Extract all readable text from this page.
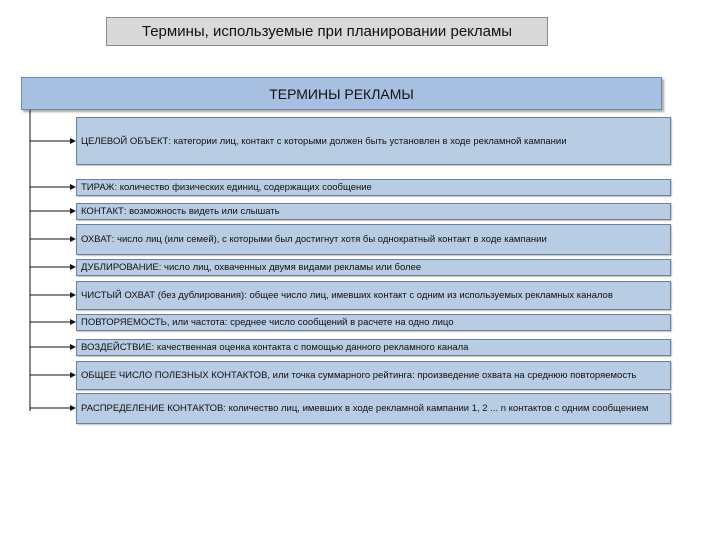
Термины, используемые при планировании рекламы
ТЕРМИНЫ РЕКЛАМЫ
ЦЕЛЕВОЙ ОБЪЕКТ: категории лиц, контакт с которыми должен быть установлен в ходе рекламной кампании
ТИРАЖ: количество физических единиц, содержащих сообщение
КОНТАКТ: возможность видеть или слышать
ОХВАТ: число лиц (или семей), с которыми был достигнут хотя бы однократный контакт в ходе кампании
ДУБЛИРОВАНИЕ: число лиц, охваченных двумя видами рекламы или более
ЧИСТЫЙ ОХВАТ (без дублирования): общее число лиц, имевших контакт с одним из используемых рекламных каналов
ПОВТОРЯЕМОСТЬ, или частота: среднее число сообщений в расчете на одно лицо
ВОЗДЕЙСТВИЕ: качественная оценка контакта с помощью данного рекламного канала
ОБЩЕЕ ЧИСЛО ПОЛЕЗНЫХ КОНТАКТОВ, или точка суммарного рейтинга: произведение охвата на среднюю повторяемость
РАСПРЕДЕЛЕНИЕ КОНТАКТОВ: количество лиц, имевших в ходе рекламной кампании 1, 2 ... n контактов с одним сообщением
